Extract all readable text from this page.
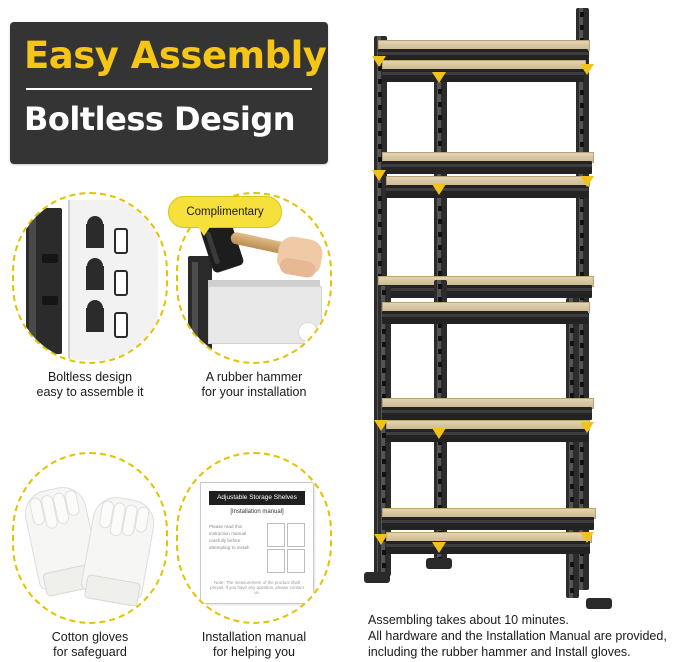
Easy Assembly
Boltless Design
Boltless design
easy to assemble it
A rubber hammer
for your installation
Complimentary
Cotton gloves
for safeguard
Adjustable Storage Shelves
[Installation manual]
Please read this instruction manual carefully before attempting to install.
Note: The measurement of the product shall prevail. If you have any question, please contact us.
Installation manual
for helping you
Assembling takes about 10 minutes.
All hardware and the Installation Manual are provided,
including the rubber hammer and Install gloves.
